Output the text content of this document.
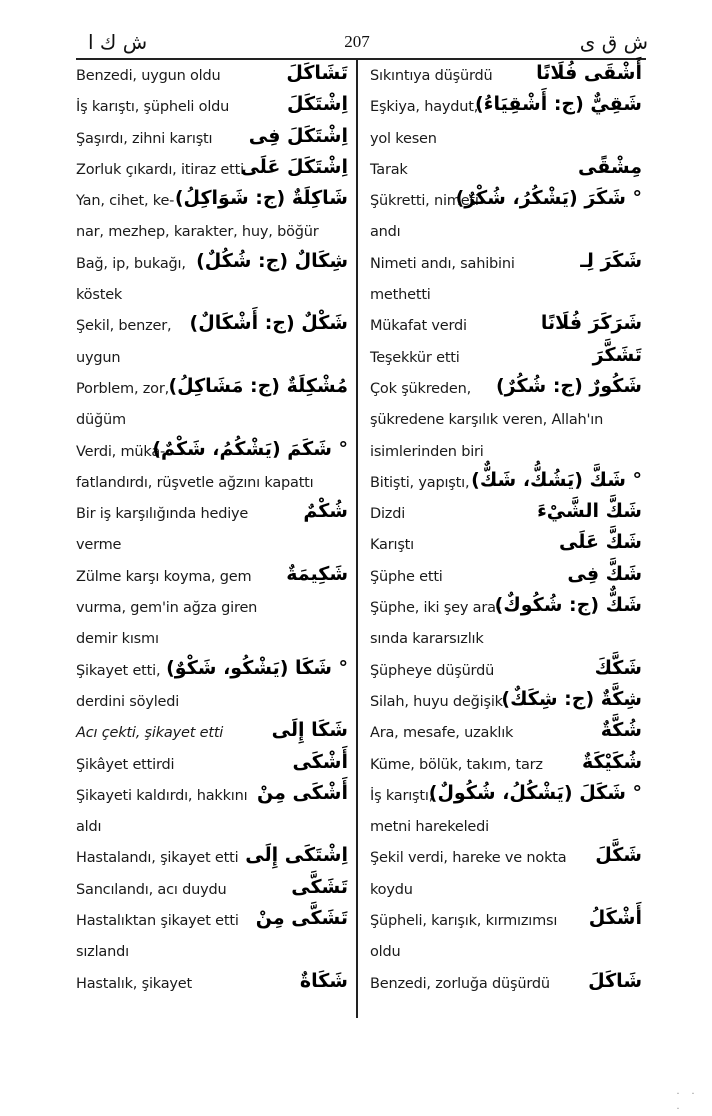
ش ك ا	207	ش ق ی
Benzedi, uygun oldu	تَشَاكَلَ
İş karıştı, şüpheli oldu	اِشْتَكَلَ
Şaşırdı, zihni karıştı اِشْتَكَلَ فِى
Zorluk çıkardı, itiraz etti
اِشْتَكَلَ عَلَى
Yan, cihet, ke- شَاكِلَةٌ (ج: شَوَاكِلُ)
nar, mezhep, karakter, huy, böğür
Bağ, ip, bukağı, شِكَالٌ (ج: شُكُلٌ)
köstek
Şekil, benzer, شَكْلٌ (ج: أَشْكَالٌ)
uygun
Porblem, zor, مُشْكِلَةٌ (ج: مَشَاكِلُ)
düğüm
Verdi, müka-
° شَكَمَ (يَشْكُمُ، شَكْمٌ)
fatlandırdı, rüşvetle ağzını kapattı
Bir iş karşılığında hediye	شُكْمٌ
verme
Zülme karşı koyma, gem شَكِيمَةٌ
vurma, gem'in ağza giren
demir kısmı
Şikayet etti, ° شَكَا (يَشْكُو، شَكْوٌ)
derdini söyledi
Acı çekti, şikayet etti	شَكَا إِلَى
Şikâyet ettirdi	أَشْكَى
Şikayeti kaldırdı, hakkını أَشْكَى مِنْ
aldı
Hastalandı, şikayet etti اِشْتَكَى إِلَى
Sancılandı, acı duydu	تَشَكَّى
Hastalıktan şikayet etti تَشَكَّى مِنْ
sızlandı
Hastalık, şikayet	شَكَاةٌ
Sıkıntıya düşürdü أَشْقَى فُلَانًا
Eşkiya, haydut,
شَقِيٌّ (ج: أَشْقِيَاءُ)
yol kesen
Tarak	مِشْقًى
Şükretti, nimeti
° شَكَرَ (يَشْكُرُ، شُكْرٌ)
andı
Nimeti andı, sahibini	شَكَرَ لِـ
methetti
Mükafat verdi	شَرَكَرَ فُلَانًا
Teşekkür etti	تَشَكَّرَ
Çok şükreden, شَكُورٌ (ج: شُكُرٌ)
şükredene karşılık veren, Allah'ın
isimlerinden biri
Bitişti, yapıştı, ° شَكَّ (يَشُكُّ، شَكٌّ)
Dizdi	شَكَّ الشَّيْءَ
Karıştı	شَكَّ عَلَى
Şüphe etti	شَكَّ فِى
Şüphe, iki şey ara-
شَكٌّ (ج: شُكُوكٌ)
sında kararsızlık
Şüpheye düşürdü	شَكَّكَ
Silah, huyu değişik
شِكَّةٌ (ج: شِكَكٌ)
Ara, mesafe, uzaklık	شُكَّةٌ
Küme, bölük, takım, tarz شُكَيْكَةٌ
İş karıştı,
° شَكَلَ (يَشْكُلُ، شُكُولٌ)
metni harekeledi
Şekil verdi, hareke ve nokta شَكَّلَ
koydu
Şüpheli, karışık, kırmızımsı أَشْكَلُ
oldu
Benzedi, zorluğa düşürdü شَاكَلَ
· · ·
